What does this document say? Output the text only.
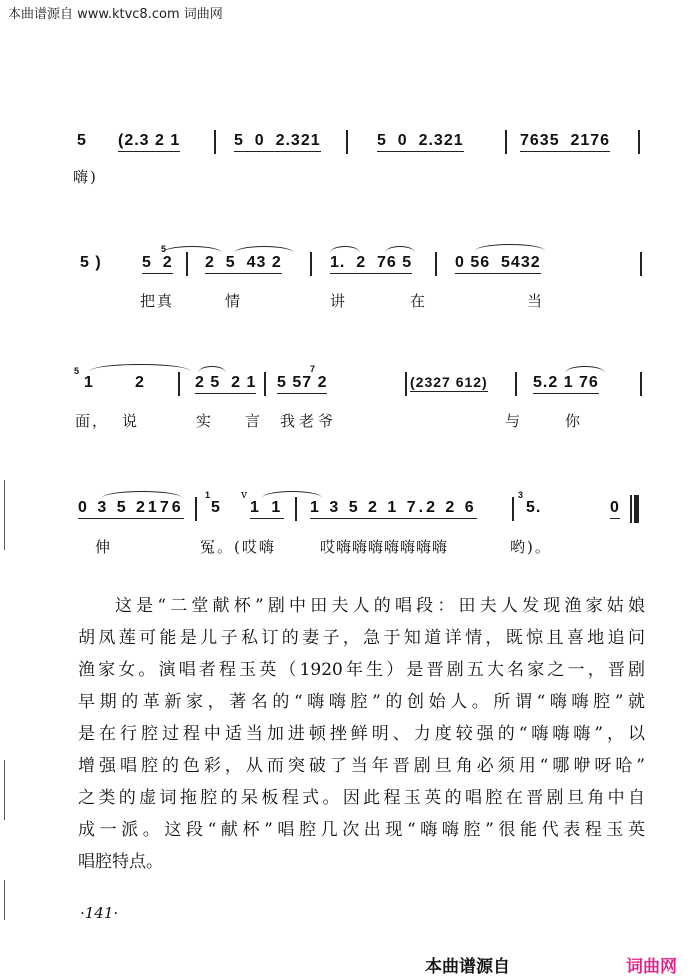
本曲谱源自 www.ktvc8.com 词曲网
5 (2.3 2 1	5  0  2.321	5  0  2.321	7635  2176
嗨)
5 )
5
5  2 2  5  43 2	1.  2  76 5	0 56  5432
把真	情	讲	在	当
5
1	2	2 5  2 1 5 57 2
7
(2327 612)	5.2 1 76
面， 说	实 言 我老爷	与	你
0 3 5 2176
1
5
v
1 1 1 3 5 2 1 7.2 2 6
3
5.	0
伸	冤。(哎嗨	哎嗨嗨嗨嗨嗨嗨嗨	哟)。
这是“二堂献杯”剧中田夫人的唱段：田夫人发现渔家姑娘
胡凤莲可能是儿子私订的妻子，急于知道详情，既惊且喜地追问
渔家女。演唱者程玉英（1920年生）是晋剧五大名家之一，晋剧
早期的革新家，著名的“嗨嗨腔”的创始人。所谓“嗨嗨腔”就
是在行腔过程中适当加进顿挫鲜明、力度较强的“嗨嗨嗨”，以
增强唱腔的色彩，从而突破了当年晋剧旦角必须用“哪咿呀哈”
之类的虚词拖腔的呆板程式。因此程玉英的唱腔在晋剧旦角中自
成一派。这段“献杯”唱腔几次出现“嗨嗨腔”很能代表程玉英
唱腔特点。
·141·
本曲谱源自	词曲网
